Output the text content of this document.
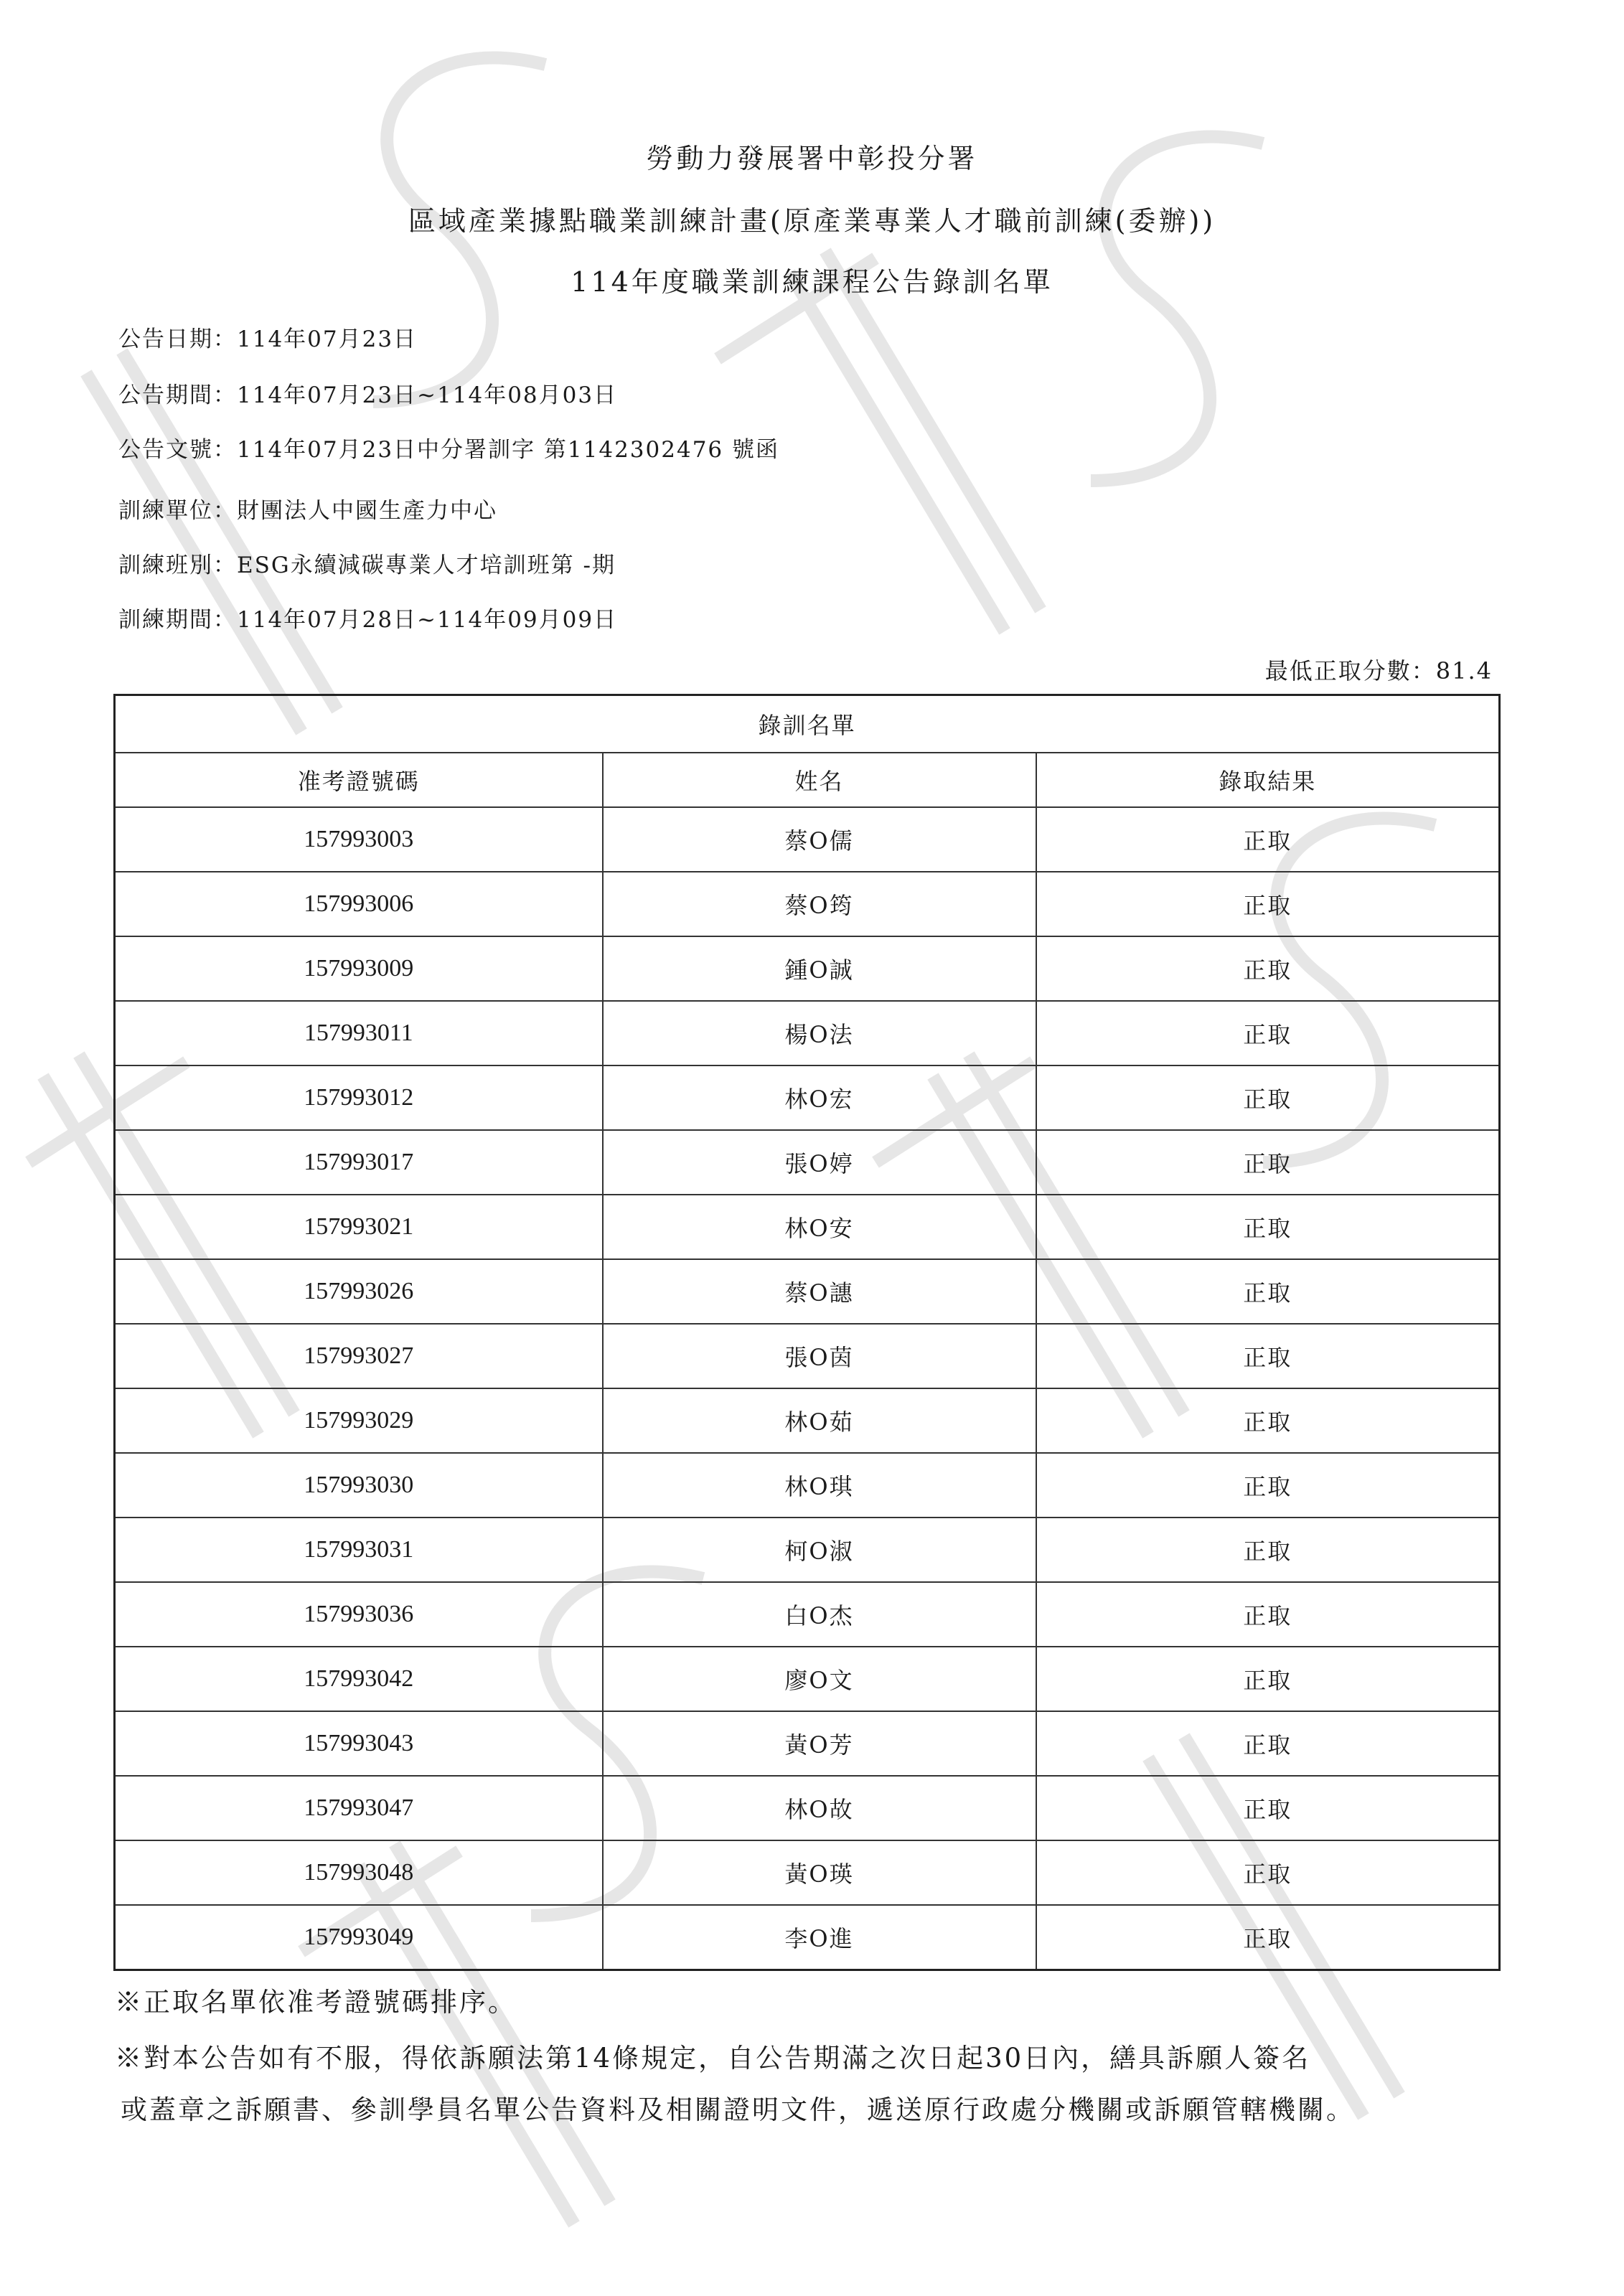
勞動力發展署中彰投分署
區域產業據點職業訓練計畫(原產業專業人才職前訓練(委辦))
114年度職業訓練課程公告錄訓名單
公告日期：114年07月23日
公告期間：114年07月23日~114年08月03日
公告文號：114年07月23日中分署訓字 第1142302476 號函
訓練單位：財團法人中國生產力中心
訓練班別：ESG永續減碳專業人才培訓班第 -期
訓練期間：114年07月28日~114年09月09日
最低正取分數：81.4
錄訓名單		
准考證號碼	姓名	錄取結果
157993003	蔡O儒	正取
157993006	蔡O筠	正取
157993009	鍾O誠	正取
157993011	楊O法	正取
157993012	林O宏	正取
157993017	張O婷	正取
157993021	林O安	正取
157993026	蔡O譓	正取
157993027	張O茵	正取
157993029	林O茹	正取
157993030	林O琪	正取
157993031	柯O淑	正取
157993036	白O杰	正取
157993042	廖O文	正取
157993043	黃O芳	正取
157993047	林O故	正取
157993048	黃O瑛	正取
157993049	李O進	正取
※正取名單依准考證號碼排序。
※對本公告如有不服，得依訴願法第14條規定，自公告期滿之次日起30日內，繕具訴願人簽名
或蓋章之訴願書、參訓學員名單公告資料及相關證明文件，遞送原行政處分機關或訴願管轄機關。
